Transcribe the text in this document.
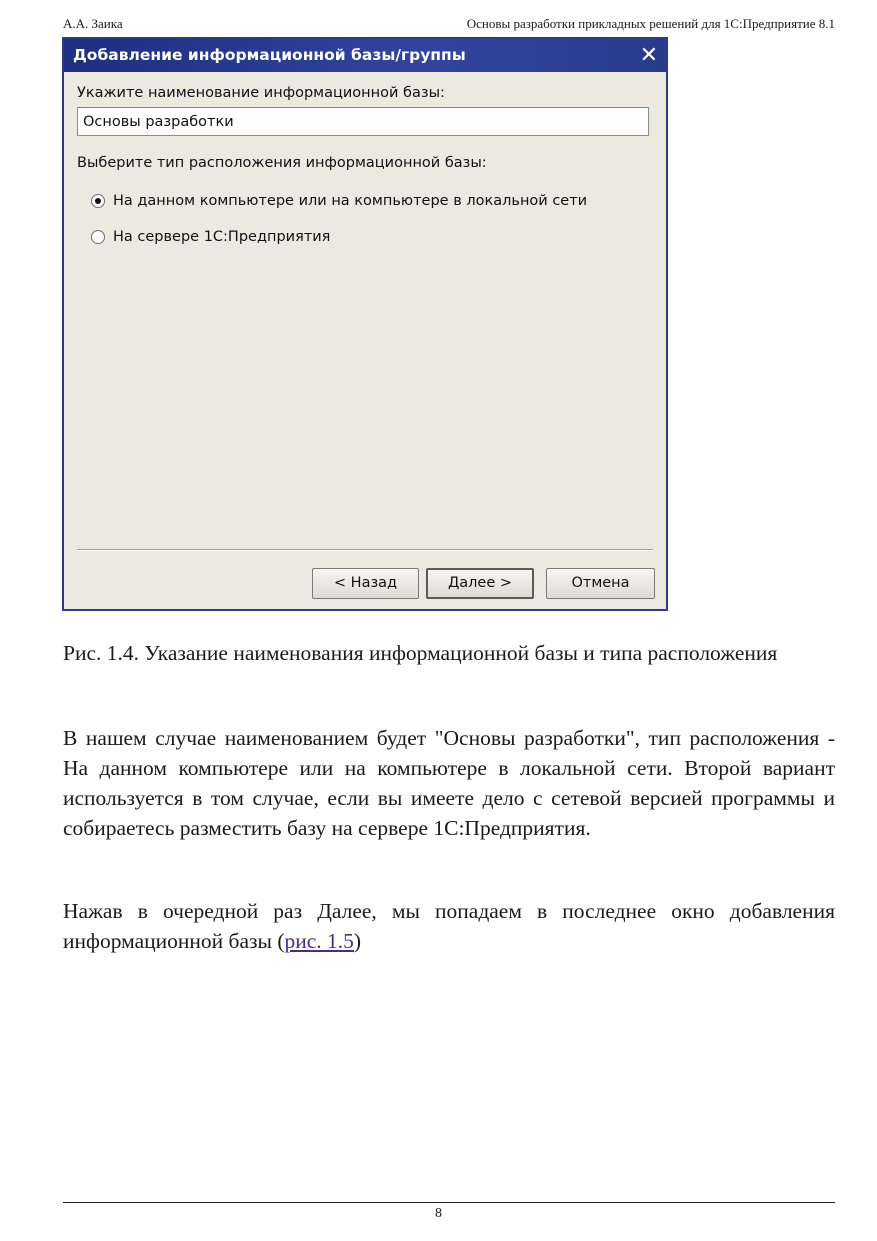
А.А. Заика	Основы разработки прикладных решений для 1С:Предприятие 8.1
Добавление информационной базы/группы	✕
Укажите наименование информационной базы:
Основы разработки
Выберите тип расположения информационной базы:
На данном компьютере или на компьютере в локальной сети
На сервере 1С:Предприятия
< Назад	Далее >	Отмена
Рис. 1.4. Указание наименования информационной базы и типа расположения
В нашем случае наименованием будет "Основы разработки", тип расположения - На данном компьютере или на компьютере в локальной сети. Второй вариант используется в том случае, если вы имеете дело с сетевой версией программы и собираетесь разместить базу на сервере 1С:Предприятия.
Нажав в очередной раз Далее, мы попадаем в последнее окно добавления информационной базы (рис. 1.5)
8
